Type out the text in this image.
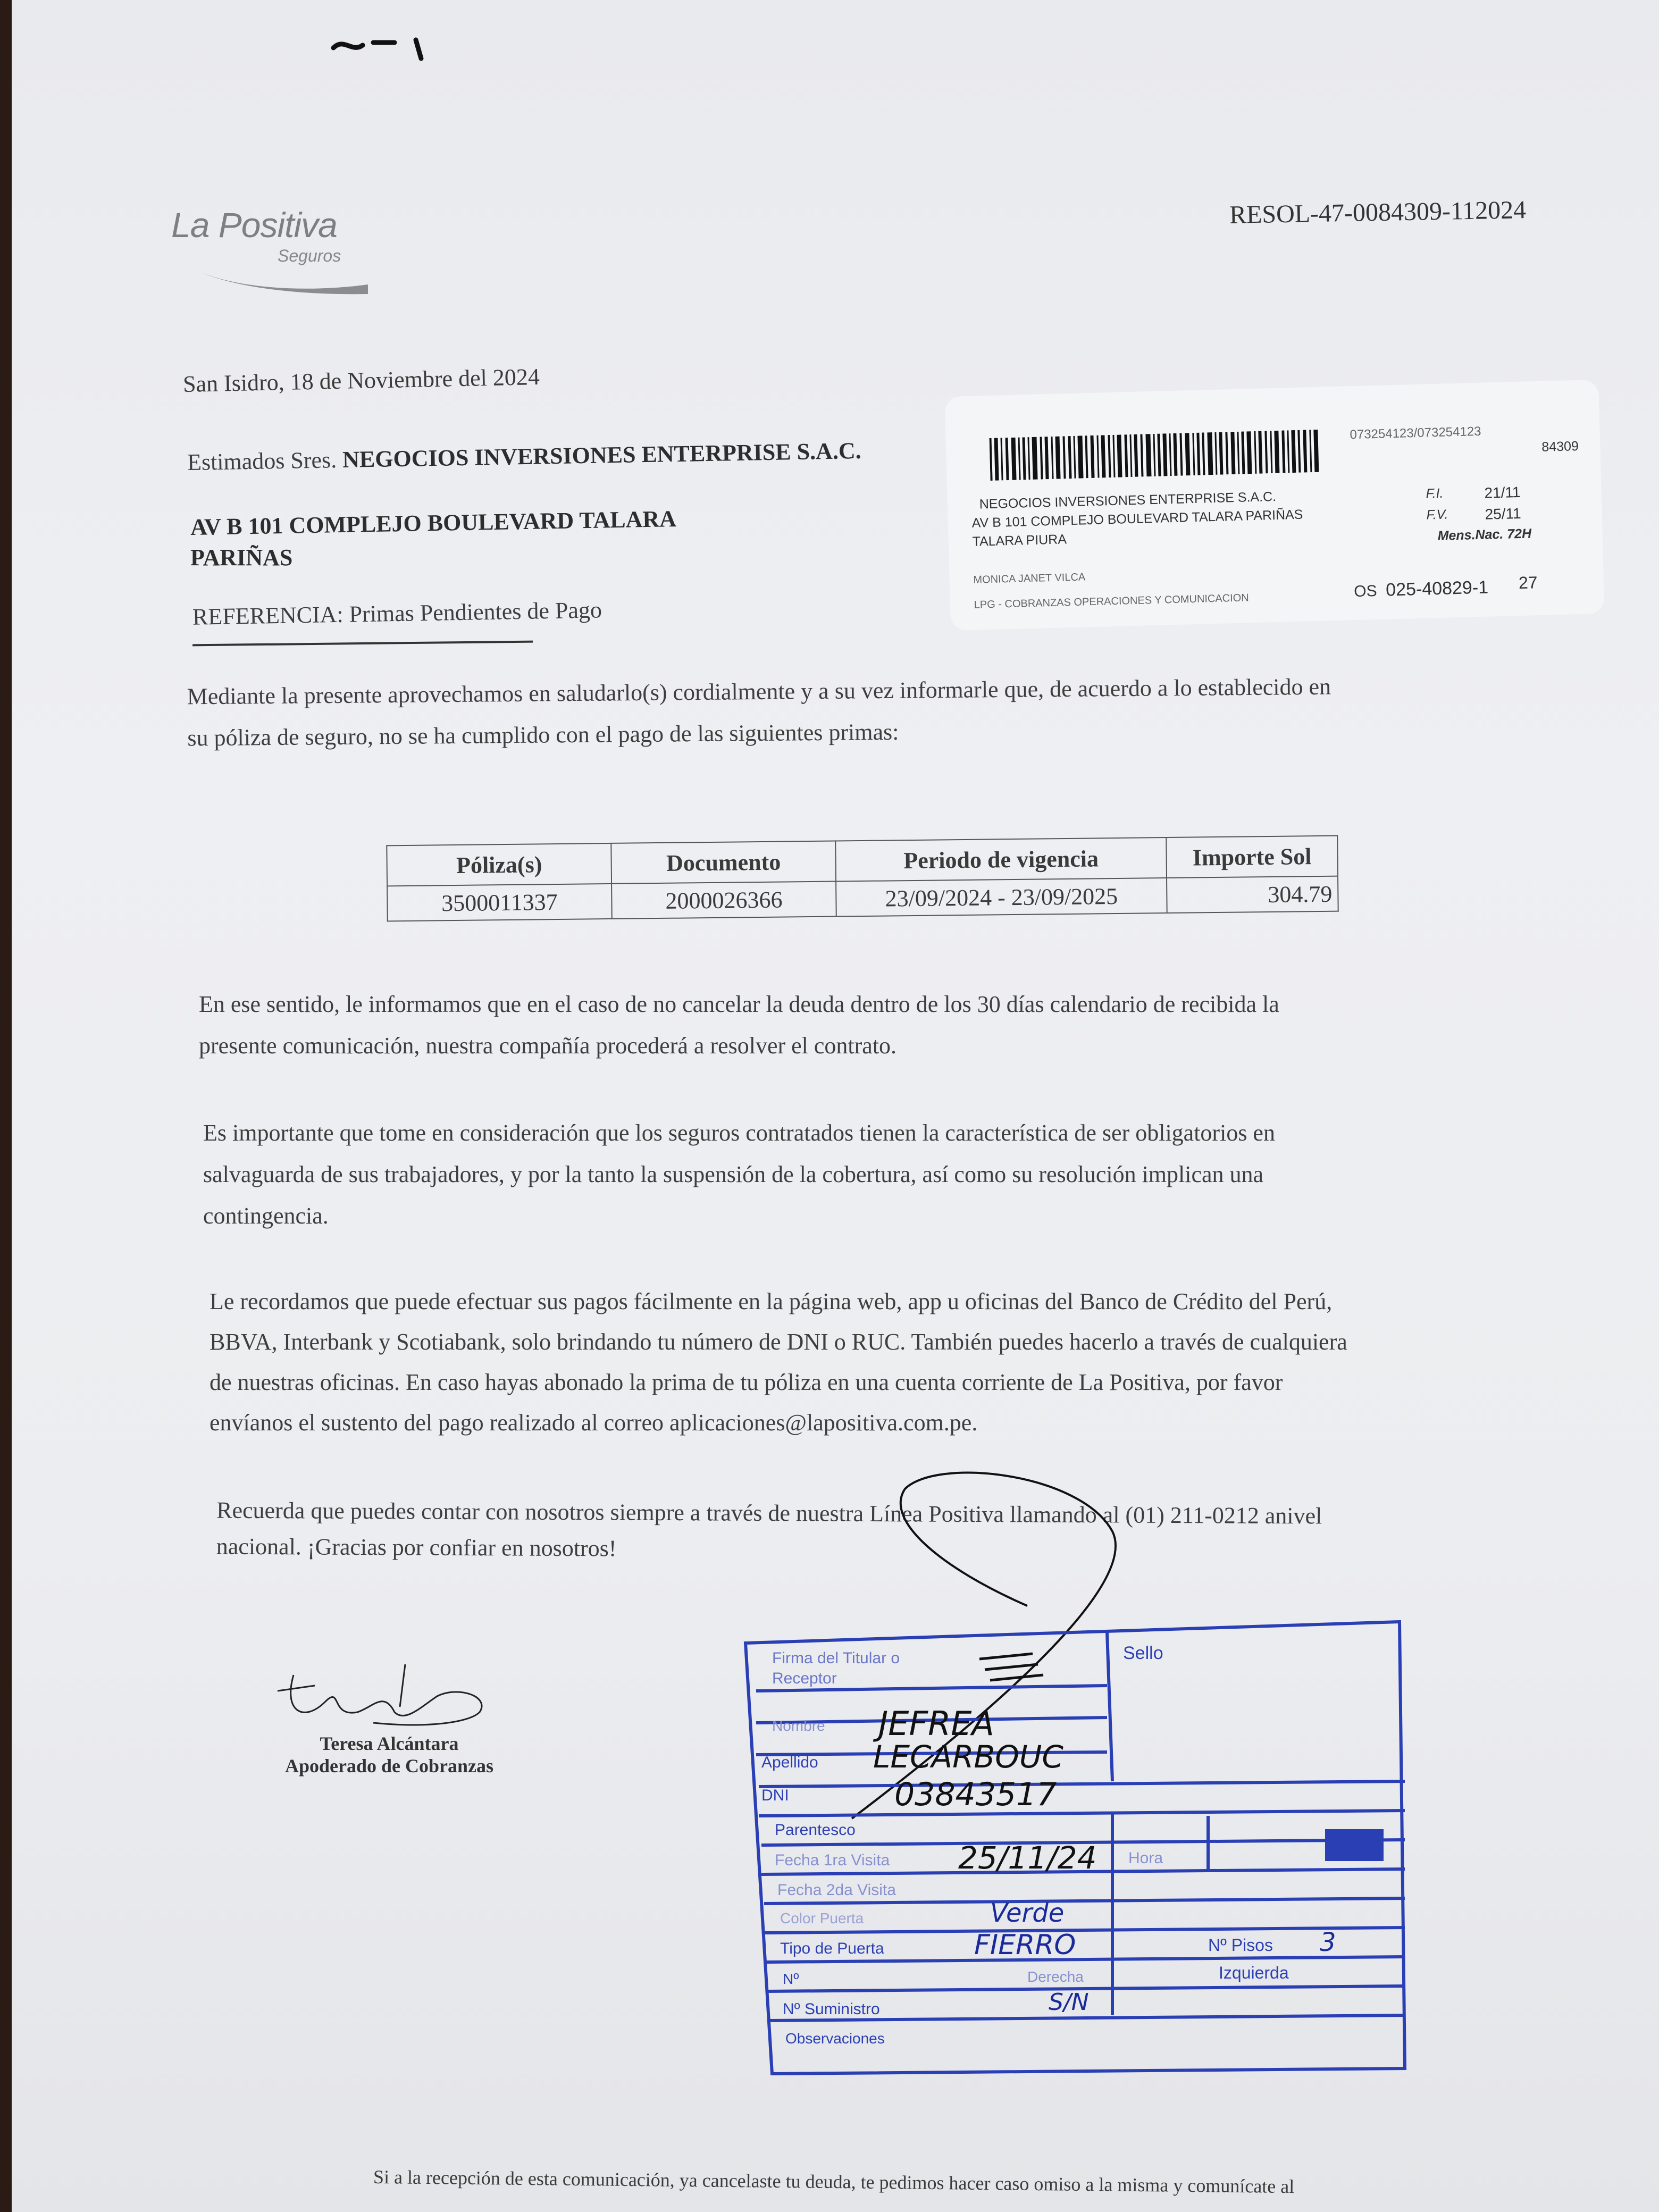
La Positiva
Seguros
RESOL-47-0084309-112024
San Isidro, 18 de Noviembre del 2024
Estimados Sres. NEGOCIOS INVERSIONES ENTERPRISE S.A.C.
AV B 101 COMPLEJO BOULEVARD TALARA
PARIÑAS
REFERENCIA: Primas Pendientes de Pago
073254123/073254123
84309
NEGOCIOS INVERSIONES ENTERPRISE S.A.C.
AV B 101 COMPLEJO BOULEVARD TALARA PARIÑAS
TALARA PIURA
F.I.	21/11
F.V. 25/11
Mens.Nac. 72H
MONICA JANET VILCA
LPG - COBRANZAS OPERACIONES Y COMUNICACION
OS 025-40829-1 27
Mediante la presente aprovechamos en saludarlo(s) cordialmente y a su vez informarle que, de acuerdo a lo establecido en
su póliza de seguro, no se ha cumplido con el pago de las siguientes primas:
Póliza(s)	Documento	Periodo de vigencia	Importe Sol
3500011337	2000026366	23/09/2024 - 23/09/2025	304.79
En ese sentido, le informamos que en el caso de no cancelar la deuda dentro de los 30 días calendario de recibida la
presente comunicación, nuestra compañía procederá a resolver el contrato.
Es importante que tome en consideración que los seguros contratados tienen la característica de ser obligatorios en
salvaguarda de sus trabajadores, y por la tanto la suspensión de la cobertura, así como su resolución implican una
contingencia.
Le recordamos que puede efectuar sus pagos fácilmente en la página web, app u oficinas del Banco de Crédito del Perú,
BBVA, Interbank y Scotiabank, solo brindando tu número de DNI o RUC. También puedes hacerlo a través de cualquiera
de nuestras oficinas. En caso hayas abonado la prima de tu póliza en una cuenta corriente de La Positiva, por favor
envíanos el sustento del pago realizado al correo aplicaciones@lapositiva.com.pe.
Recuerda que puedes contar con nosotros siempre a través de nuestra Línea Positiva llamando al (01) 211-0212 anivel
nacional. ¡Gracias por confiar en nosotros!
Teresa Alcántara
Apoderado de Cobranzas
Firma del Titular o Receptor
Sello
Nombre JEFREA
Apellido LECARBOUC
DNI	03843517
Parentesco
Fecha 1ra Visita 25/11/24 Hora
Fecha 2da Visita
Color Puerta	Verde
Tipo de Puerta	FIERRO	Nº Pisos 3
Nº	Derecha	Izquierda
Nº Suministro	S/N
Observaciones
Si a la recepción de esta comunicación, ya cancelaste tu deuda, te pedimos hacer caso omiso a la misma y comunícate al
